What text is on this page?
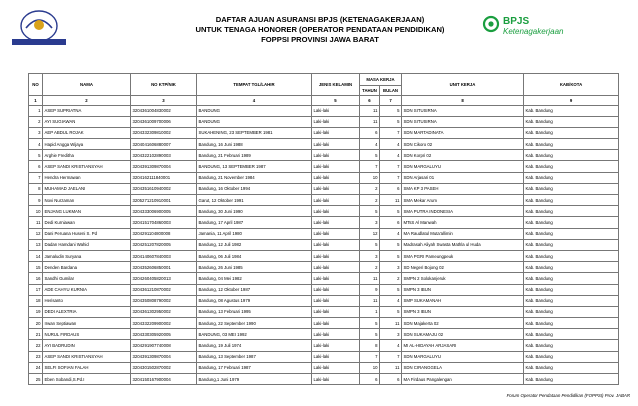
BPJS
Ketenagakerjaan
DAFTAR AJUAN ASURANSI BPJS (KETENAGAKERJAAN)
UNTUK TENAGA HONORER (OPERATOR PENDATAAN PENDIDIKAN)
FOPPSI PROVINSI JAWA BARAT
NO	NAMA	NO KTP/NIK	TEMPAT TGL/LAHIR	JENIS KELAMIN	MASA KERJA		UNIT KERJA	KAB/KOTA
					TAHUN	BULAN		
1	2	3	4	5	6	7	8	9
1	ASEP SUPRIATNA	3204361004830002	BANDUNG	Laki-laki	11	5	SDN SITUSIRNA	Kab. Bandung
2	AYI SUGIAWAN	3204361009700006	BANDUNG	Laki-laki	11	5	SDN SITUSIRNA	Kab. Bandung
3	AEP ABDUL ROJAK	3204332309810002	SUKAHENING, 23 SEPTEMBER 1981	Laki-laki	6	7	SDN MARTADINATA	Kab. Bandung
4	Hapid Angga Wijaya	3204041606880007	Bandung, 16 Juni 1988	Laki-laki	4	4	SDN Cikoro 02	Kab. Bandung
5	Arghie Freditha	3204322102890003	Bandung, 21 Februari 1989	Laki-laki	5	4	SDN Korpri 02	Kab. Bandung
6	ASEP SANDI KRISTIANSYAH	3204391309870004	BANDUNG, 13 SEPTEMBER 1987	Laki-laki	7	7	SDN MARGALUYU	Kab. Bandung
7	Hendra Hermawan	3204162111840001	Bandung, 21 November 1984	Laki-laki	10	7	SDN Arjasari 01	Kab. Bandung
8	MUHAMAD JAELANI	3204351610940002	Bandung, 16 Oktober 1994	Laki-laki	2	6	SMA KP 3 PASEH	Kab. Bandung
9	Novi Nurzaman	3205271210910001	Garut, 12 Oktober 1991	Laki-laki	2	11	SMA Mekar Arum	Kab. Bandung
10	ENJANG LUKMAN	3204333006900005	Bandung, 30 Juni 1990	Laki-laki	5	5	SMA PUTRA INDONESIA	Kab. Bandung
11	Dedi Kurniawan	3204151704860003	Bandung, 17 April 1987	Laki-laki	3	6	MTsS Al Manwah	Kab. Bandung
12	Dani Peruana Huseni S. Pd	3204291104800008	Jamania, 11 April 1980	Laki-laki	12	4	MA Raudlatul Muta'allimin	Kab. Bandung
13	Dadan Hamdani Wahid	3204251207820005	Bandung, 12 Juli 1982	Laki-laki	5	5	Madrasah Aliyah Swasta Mathla ul Huda	Kab. Bandung
14	Jamaludin Suryana	3204140607840003	Bandung, 06 Juli 1984	Laki-laki	3	5	SMA PGRI Pameungpeuk	Kab. Bandung
15	Denden Bardana	3204352606850001	Bandung, 26 Juni 1985	Laki-laki	2	3	SD Negeri Bojong 02	Kab. Bandung
16	Sandhi Gumilar	3204260405820013	Bandung, 04 Mei 1982	Laki-laki	11	2	SMPN 2 Solokanjeruk	Kab. Bandung
17	ADE CAHYU KURNIA	3204361210870002	Bandung, 12 Oktober 1987	Laki-laki	9	5	SMPN 3 IBUN	Kab. Bandung
18	Herisanto	3204350808790002	Bandung, 08 Agustus 1979	Laki-laki	11	4	SMP SUKAMANAH	Kab. Bandung
19	DEDI ALEXTRIA	3204361302950002	Bandung, 13 Februari 1995	Laki-laki	1	5	SMPN 3 IBUN	Kab. Bandung
20	Irwan Septiawan	3204332209900002	Bandung, 22 September 1990	Laki-laki	5	11	SDN Majakerta 02	Kab. Bandung
21	NURUL FIRDAUS	3204330305920005	BANDUNG, 03 MEI 1992	Laki-laki	5	3	SDN SUKAMAJU 02	Kab. Bandung
22	AYI BADRUDIN	3204291907740008	Bandung, 19 Juli 1974	Laki-laki	8	4	MI AL-HIDAYAH ARJASARI	Kab. Bandung
23	ASEP SANDI KRISTIANSYAH	3204391309870004	Bandung, 13 September 1987	Laki-laki	7	7	SDN MARGALUYU	Kab. Bandung
24	SELFI SOFIAN FALAH	3204301502870002	Bandung, 17 Februari 1987	Laki-laki	10	11	SDN CIRANGGELA	Kab. Bandung
25	Eben Sobandi,S.Pd.I	3204150167900004	Bandung,1 Juni 1979	Laki-laki	6	6	MA Firdaus Pangalengan	Kab. Bandung
Forum Operator Pendataan Pendidikan (FOPPSI) Prov. JABAR
